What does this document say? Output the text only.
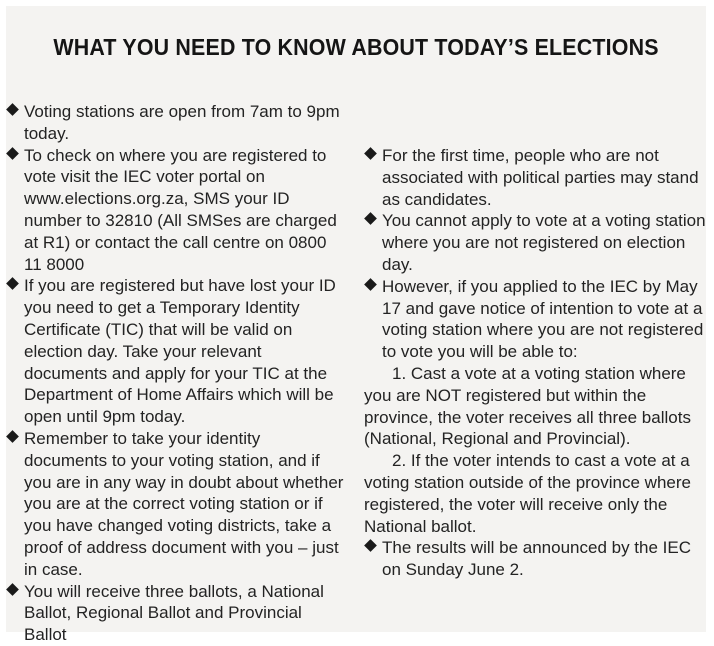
WHAT YOU NEED TO KNOW ABOUT TODAY’S ELECTIONS
Voting stations are open from 7am to 9pm today.
To check on where you are registered to vote visit the IEC voter portal on www.elections.org.za, SMS your ID number to 32810 (All SMSes are charged at R1) or contact the call centre on 0800 11 8000
If you are registered but have lost your ID you need to get a Temporary Identity Certificate (TIC) that will be valid on election day. Take your relevant documents and apply for your TIC at the Department of Home Affairs which will be open until 9pm today.
Remember to take your identity documents to your voting station, and if you are in any way in doubt about whether you are at the correct voting station or if you have changed voting districts, take a proof of address document with you – just in case.
You will receive three ballots, a National Ballot, Regional Ballot and Provincial Ballot
For the first time, people who are not associated with political parties may stand as candidates.
You cannot apply to vote at a voting station where you are not registered on election day.
However, if you applied to the IEC by May 17 and gave notice of intention to vote at a voting station where you are not registered to vote you will be able to:

1. Cast a vote at a voting station where you are NOT registered but within the province, the voter receives all three ballots (National, Regional and Provincial).

2. If the voter intends to cast a vote at a voting station outside of the province where registered, the voter will receive only the National ballot.

The results will be announced by the IEC on Sunday June 2.
